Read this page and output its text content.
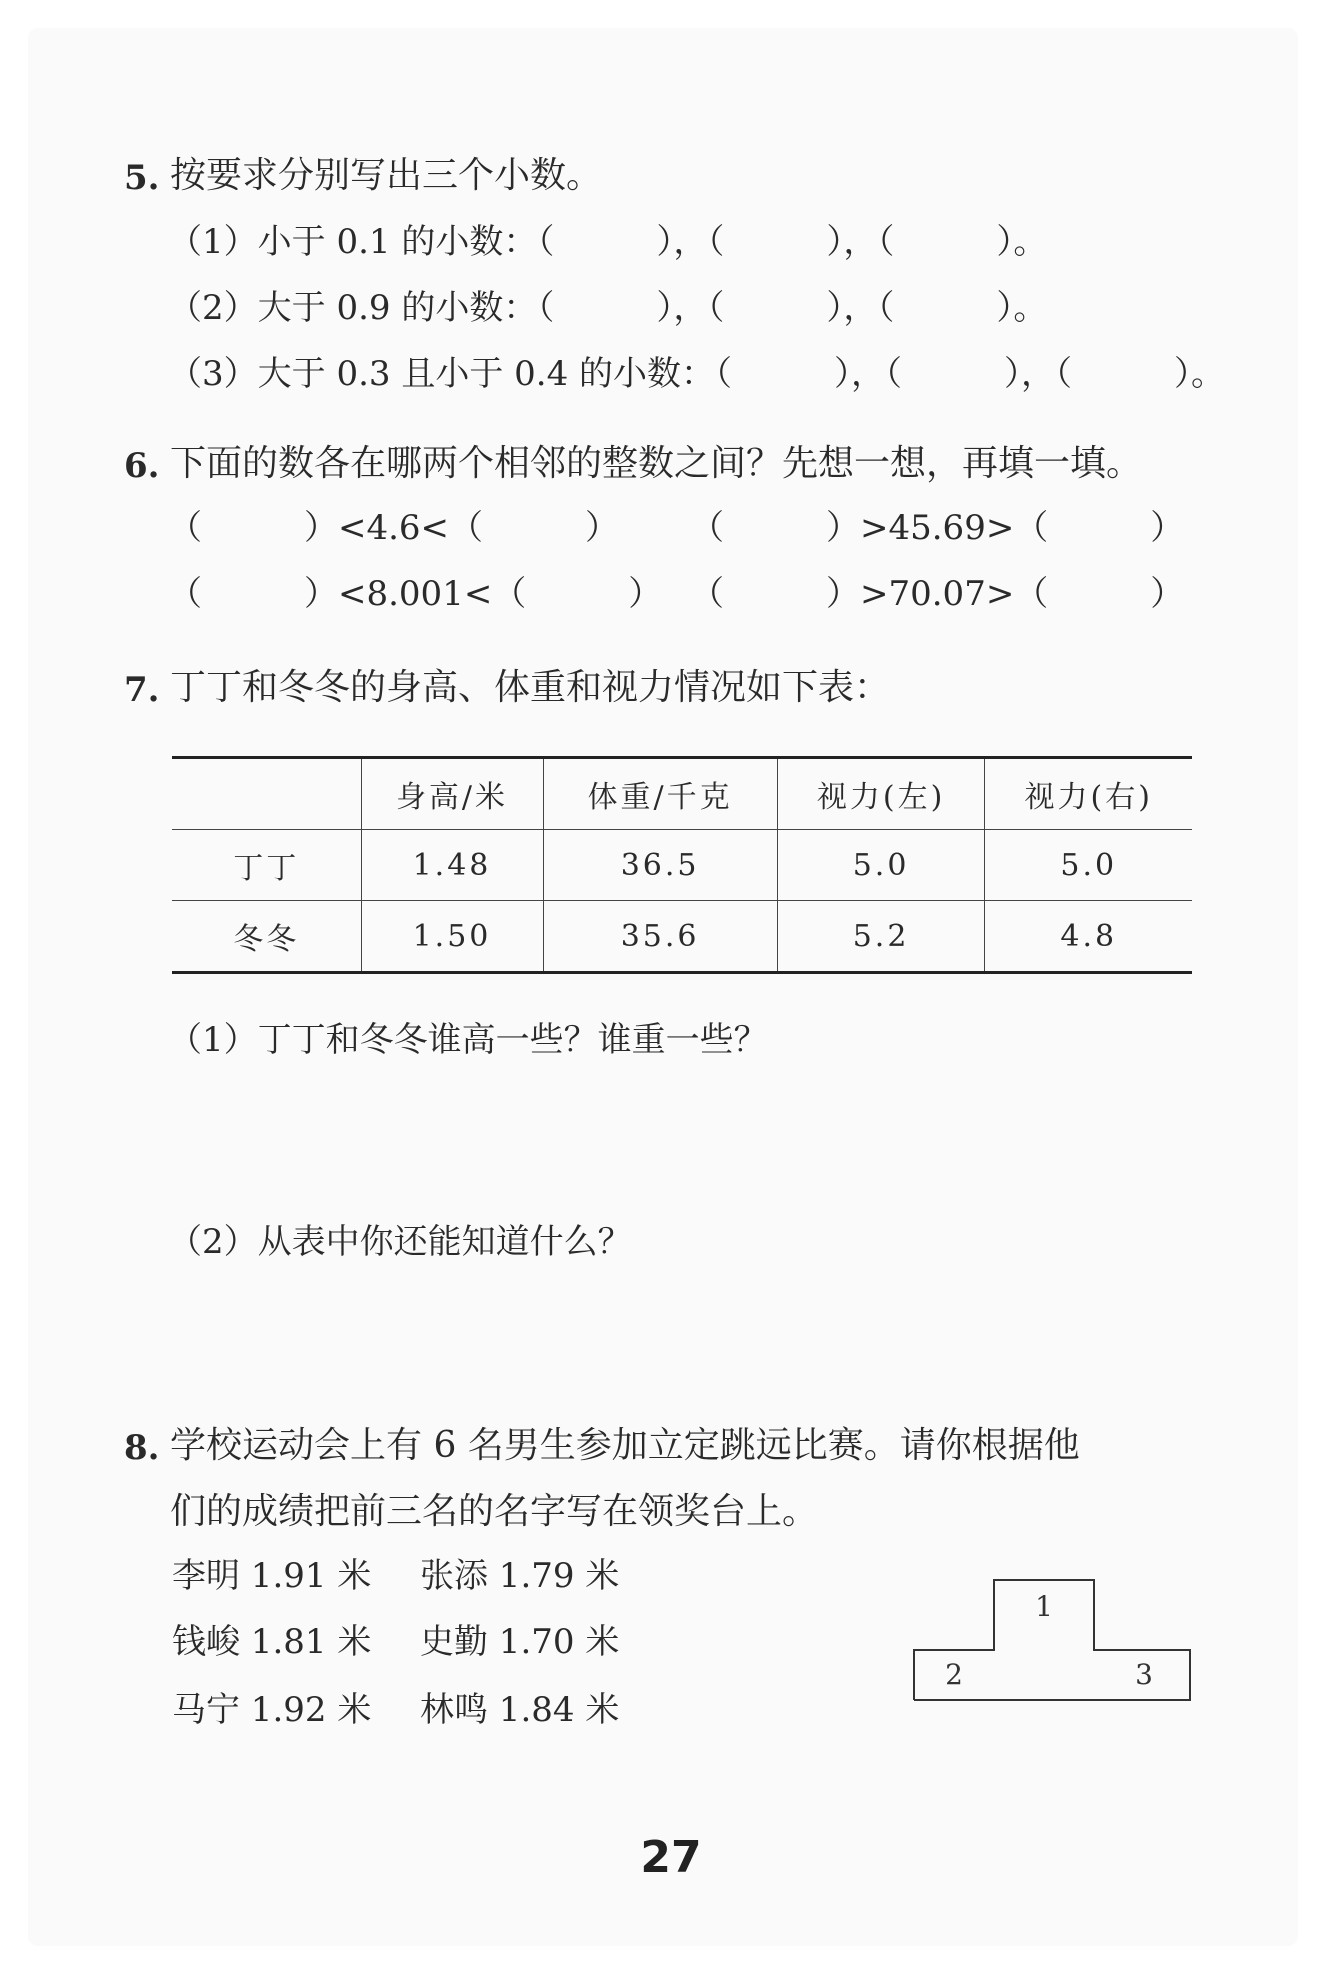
5. 按要求分别写出三个小数。
（1）小于 0.1 的小数：（　　　），（　　　），（　　　）。
（2）大于 0.9 的小数：（　　　），（　　　），（　　　）。
（3）大于 0.3 且小于 0.4 的小数：（　　　），（　　　），（　　　）。
6. 下面的数各在哪两个相邻的整数之间？先想一想，再填一填。
（　　　）<4.6<（　　　） （　　　）>45.69>（　　　）
（　　　）<8.001<（　　　） （　　　）>70.07>（　　　）
7. 丁丁和冬冬的身高、体重和视力情况如下表：
	身高/米	体重/千克	视力(左)	视力(右)
丁丁	1.48	36.5	5.0	5.0
冬冬	1.50	35.6	5.2	4.8
（1）丁丁和冬冬谁高一些？谁重一些？
（2）从表中你还能知道什么？
8. 学校运动会上有 6 名男生参加立定跳远比赛。请你根据他
们的成绩把前三名的名字写在领奖台上。
李明 1.91 米 张添 1.79 米
钱峻 1.81 米 史勤 1.70 米
马宁 1.92 米 林鸣 1.84 米
1
2	3
27
